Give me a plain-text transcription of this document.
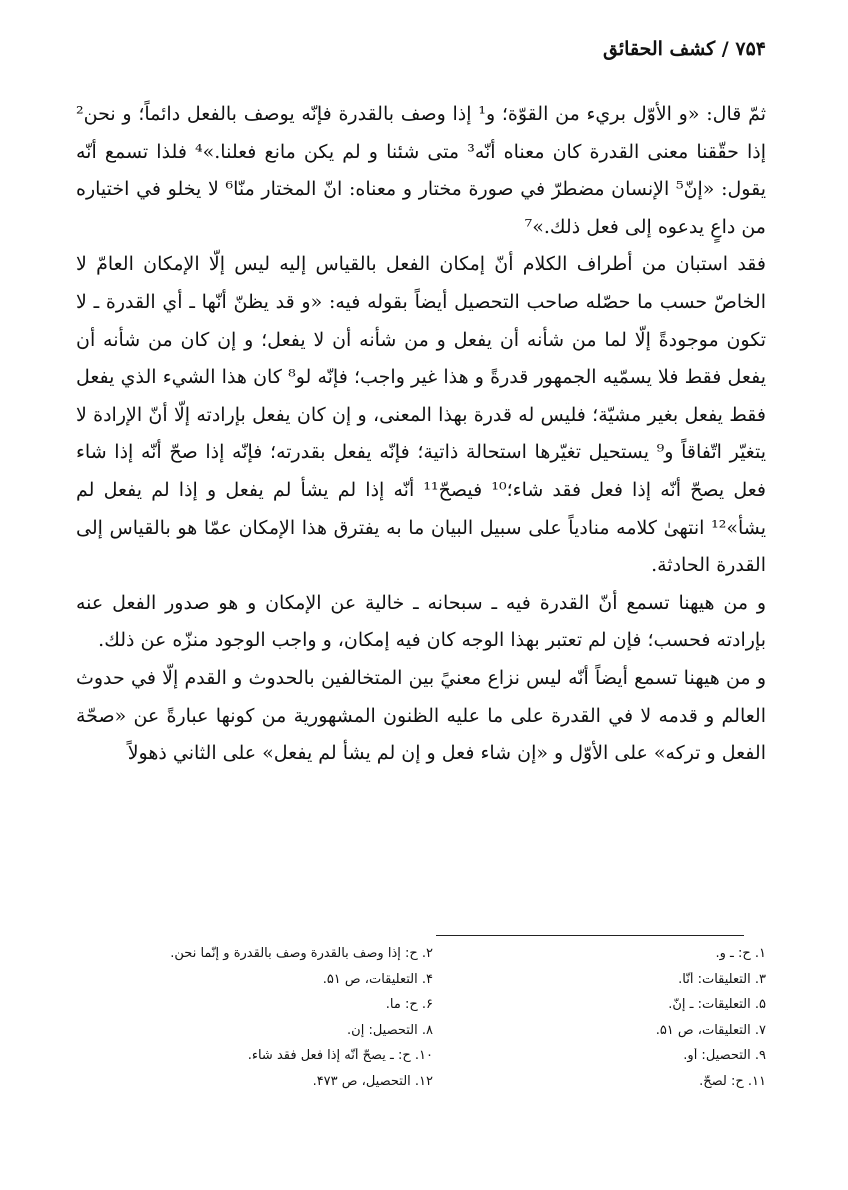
۷۵۴ / كشف الحقائق

ثمّ قال: «و الأوّل بريء من القوّة؛ و¹ إذا وصف بالقدرة فإنّه يوصف بالفعل دائماً؛ و نحن² إذا حقّقنا معنى القدرة كان معناه أنّه³ متى شئنا و لم يكن مانع فعلنا.»⁴ فلذا تسمع أنّه يقول: «إنّ⁵ الإنسان مضطرّ في صورة مختار و معناه: انّ المختار منّا⁶ لا يخلو في اختياره من داعٍ يدعوه إلى فعل ذلك.»⁷

فقد استبان من أطراف الكلام أنّ إمكان الفعل بالقياس إليه ليس إلّا الإمكان العامّ لا الخاصّ حسب ما حصّله صاحب التحصيل أيضاً بقوله فيه: «و قد يظنّ أنّها ـ أي القدرة ـ لا تكون موجودةً إلّا لما من شأنه أن يفعل و من شأنه أن لا يفعل؛ و إن كان من شأنه أن يفعل فقط فلا يسمّيه الجمهور قدرةً و هذا غير واجب؛ فإنّه لو⁸ كان هذا الشيء الذي يفعل فقط يفعل بغير مشيّة؛ فليس له قدرة بهذا المعنى، و إن كان يفعل بإرادته إلّا أنّ الإرادة لا يتغيّر اتّفاقاً و⁹ يستحيل تغيّرها استحالة ذاتية؛ فإنّه يفعل بقدرته؛ فإنّه إذا صحّ أنّه إذا شاء فعل يصحّ أنّه إذا فعل فقد شاء؛¹⁰ فيصحّ¹¹ أنّه إذا لم يشأ لم يفعل و إذا لم يفعل لم يشأ»¹² انتهىٰ كلامه منادياً على سبيل البيان ما به يفترق هذا الإمكان عمّا هو بالقياس إلى القدرة الحادثة.

و من هيهنا تسمع أنّ القدرة فيه ـ سبحانه ـ خالية عن الإمكان و هو صدور الفعل عنه بإرادته فحسب؛ فإن لم تعتبر بهذا الوجه كان فيه إمكان، و واجب الوجود منزّه عن ذلك.

و من هيهنا تسمع أيضاً أنّه ليس نزاع معنيً بين المتخالفين بالحدوث و القدم إلّا في حدوث العالم و قدمه لا في القدرة على ما عليه الظنون المشهورية من كونها عبارةً عن «صحّة الفعل و تركه» على الأوّل و «إن شاء فعل و إن لم يشأ لم يفعل» على الثاني ذهولاً

١. ح: ـ و.
٢. ح: إذا وصف بالقدرة وصف بالقدرة و إنّما نحن.
٣. التعليقات: أنّا.
۴. التعليقات، ص ۵۱.
۵. التعليقات: ـ إنّ.
۶. ح: ما.
۷. التعليقات، ص ۵۱.
۸. التحصيل: إن.
۹. التحصيل: أو.
۱۰. ح: ـ يصحّ أنّه إذا فعل فقد شاء.
۱۱. ح: لصحّ.
۱۲. التحصيل، ص ۴۷۳.
